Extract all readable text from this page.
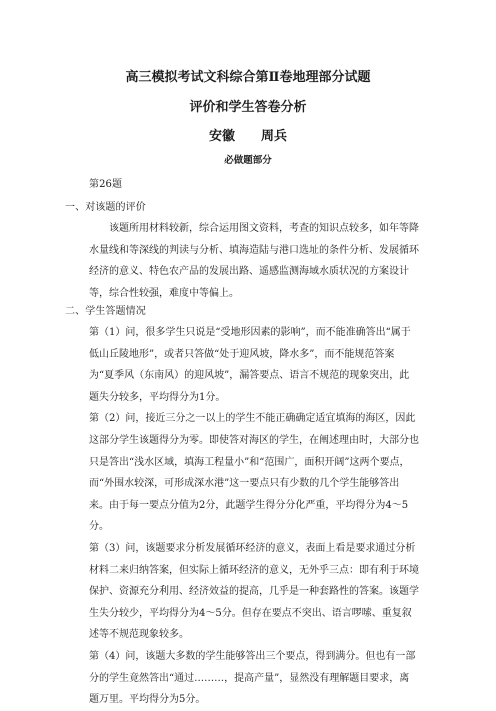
高三模拟考试文科综合第Ⅱ卷地理部分试题
评价和学生答卷分析
安徽 周兵
必做题部分
第26题
一、对该题的评价

该题所用材料较新，综合运用图文资料，考查的知识点较多，如年等降水量线和等深线的判读与分析、填海造陆与港口选址的条件分析、发展循环经济的意义、特色农产品的发展出路、遥感监测海域水质状况的方案设计等，综合性较强，难度中等偏上。

二、学生答题情况

第（1）问，很多学生只说是“受地形因素的影响”，而不能准确答出“属于低山丘陵地形”，或者只答做“处于迎风坡，降水多”，而不能规范答案为“夏季风（东南风）的迎风坡”，漏答要点、语言不规范的现象突出，此题失分较多，平均得分为1分。

第（2）问，接近三分之一以上的学生不能正确确定适宜填海的海区，因此这部分学生该题得分为零。即使答对海区的学生，在阐述理由时，大部分也只是答出“浅水区域，填海工程量小”和“范围广，面积开阔”这两个要点，而“外围水较深，可形成深水港”这一要点只有少数的几个学生能够答出来。由于每一要点分值为2分，此题学生得分分化严重，平均得分为4～5分。

第（3）问，该题要求分析发展循环经济的意义，表面上看是要求通过分析材料二来归纳答案，但实际上循环经济的意义，无外乎三点：即有利于环境保护、资源充分利用、经济效益的提高，几乎是一种套路性的答案。该题学生失分较少，平均得分为4～5分。但存在要点不突出、语言啰嗦、重复叙述等不规范现象较多。

第（4）问，该题大多数的学生能够答出三个要点，得到满分。但也有一部分的学生竟然答出“通过………，提高产量”，显然没有理解题目要求，离题万里。平均得分为5分。
